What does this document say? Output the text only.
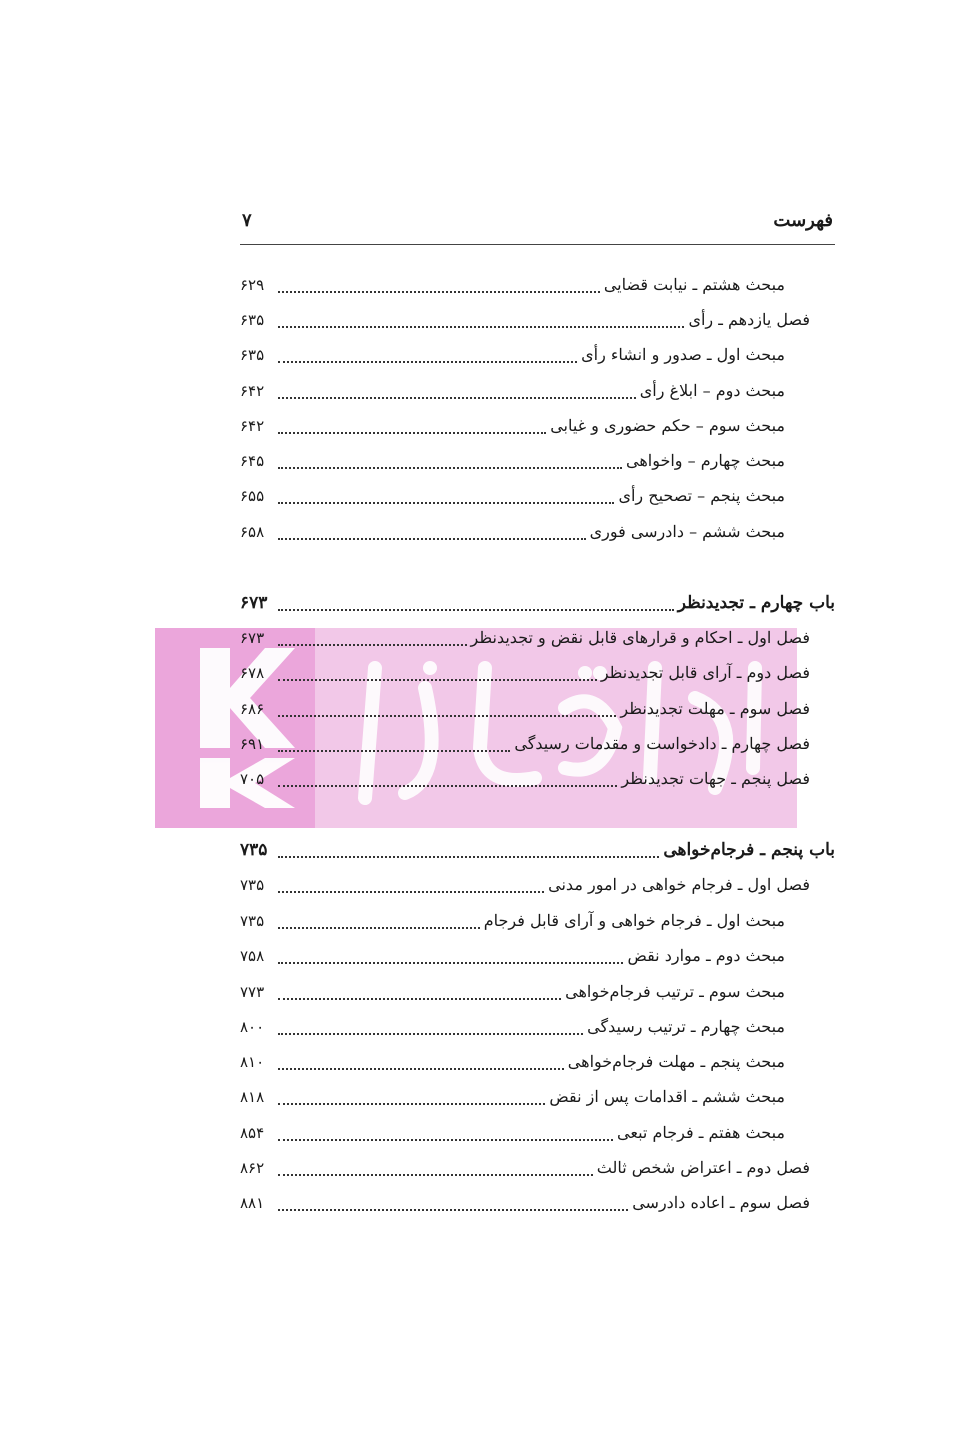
فهرست
۷
مبحث هشتم ـ نیابت قضایی
۶۲۹
فصل یازدهم ـ رأی
۶۳۵
مبحث اول ـ صدور و انشاء رأی
۶۳۵
مبحث دوم – ابلاغ رأی
۶۴۲
مبحث سوم – حکم حضوری و غیابی
۶۴۲
مبحث چهارم – واخواهی
۶۴۵
مبحث پنجم – تصحیح رأی
۶۵۵
مبحث ششم – دادرسی فوری
۶۵۸
باب چهارم ـ تجدیدنظر
۶۷۳
فصل اول ـ احکام و قرارهای قابل نقض و تجدیدنظر
۶۷۳
فصل دوم ـ آرای قابل تجدیدنظر
۶۷۸
فصل سوم ـ مهلت تجدیدنظر
۶۸۶
فصل چهارم ـ دادخواست و مقدمات رسیدگی
۶۹۱
فصل پنجم ـ جهات تجدیدنظر
۷۰۵
باب پنجم ـ فرجام‌خواهی
۷۳۵
فصل اول ـ فرجام خواهی در امور مدنی
۷۳۵
مبحث اول ـ فرجام خواهی و آرای قابل فرجام
۷۳۵
مبحث دوم ـ موارد نقض
۷۵۸
مبحث سوم ـ ترتیب فرجام‌خواهی
۷۷۳
مبحث چهارم ـ ترتیب رسیدگی
۸۰۰
مبحث پنجم ـ مهلت فرجام‌خواهی
۸۱۰
مبحث ششم ـ اقدامات پس از نقض
۸۱۸
مبحث هفتم ـ فرجام تبعی
۸۵۴
فصل دوم ـ اعتراض شخص ثالث
۸۶۲
فصل سوم ـ اعاده دادرسی
۸۸۱
